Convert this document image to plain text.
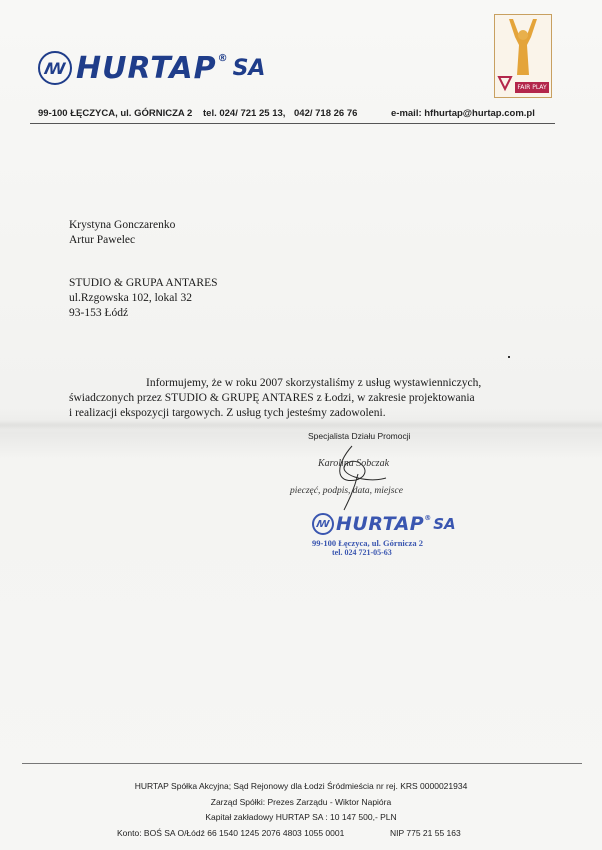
ꟿ HURTAP ® SA
FAIR PLAY
99-100 ŁĘCZYCA, ul. GÓRNICZA 2 tel. 024/ 721 25 13, 042/ 718 26 76	e-mail: hfhurtap@hurtap.com.pl
Krystyna Gonczarenko
Artur Pawelec
STUDIO & GRUPA ANTARES
ul.Rzgowska 102, lokal 32
93-153 Łódź
Informujemy, że w roku 2007 skorzystaliśmy z usług wystawienniczych,
świadczonych przez STUDIO & GRUPĘ ANTARES z Łodzi, w zakresie projektowania
i realizacji ekspozycji targowych. Z usług tych jesteśmy zadowoleni.
Specjalista Działu Promocji
Karolina Sobczak
pieczęć, podpis, data, miejsce
ꟿ HURTAP ® SA
99-100 Łęczyca, ul. Górnicza 2
tel. 024 721-05-63
HURTAP Spółka Akcyjna; Sąd Rejonowy dla Łodzi Śródmieścia nr rej. KRS 0000021934
Zarząd Spółki: Prezes Zarządu - Wiktor Napióra
Kapitał zakładowy HURTAP SA : 10 147 500,- PLN
Konto: BOŚ SA O/Łódź 66 1540 1245 2076 4803 1055 0001	NIP 775 21 55 163
